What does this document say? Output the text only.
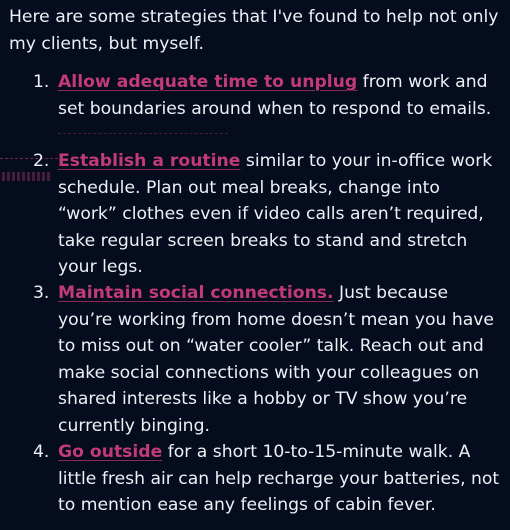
Here are some strategies that I've found to help not only my clients, but myself.

1. Allow adequate time to unplug from work and set boundaries around when to respond to emails.
2. Establish a routine similar to your in-office work schedule. Plan out meal breaks, change into “work” clothes even if video calls aren’t required, take regular screen breaks to stand and stretch your legs.
3. Maintain social connections. Just because you’re working from home doesn’t mean you have to miss out on “water cooler” talk. Reach out and make social connections with your colleagues on shared interests like a hobby or TV show you’re currently binging.
4. Go outside for a short 10-to-15-minute walk. A little fresh air can help recharge your batteries, not to mention ease any feelings of cabin fever.
